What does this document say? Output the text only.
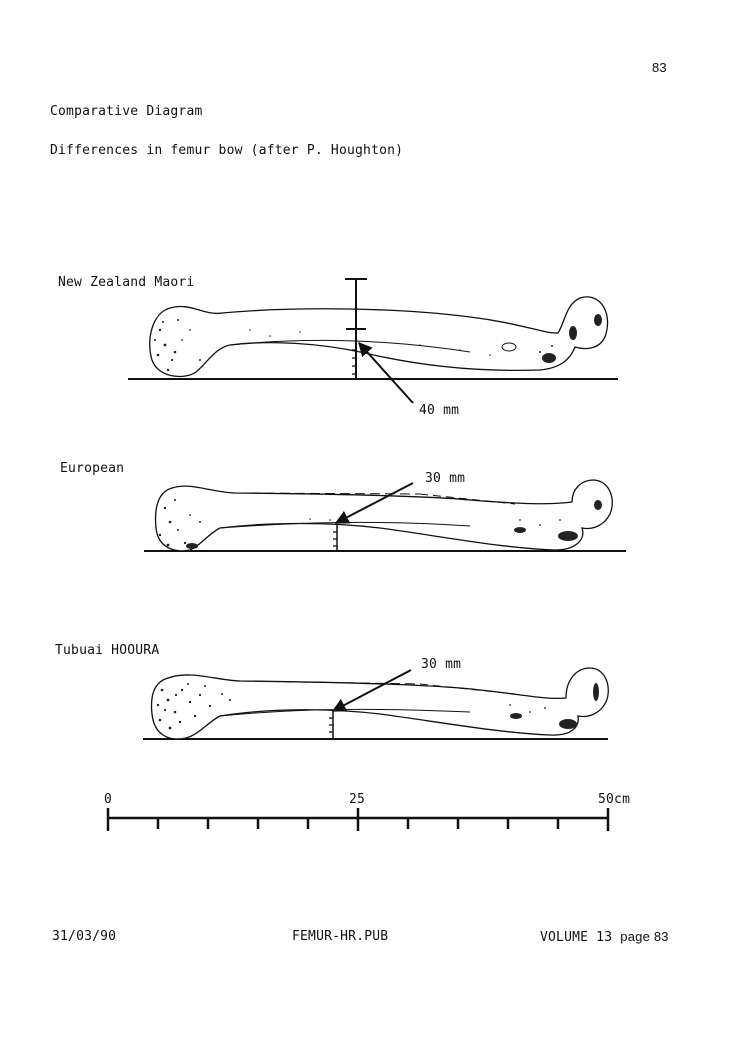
83
Comparative Diagram
Differences in femur bow (after P. Houghton)
New Zealand Maori
40 mm
European
30 mm
Tubuai HOOURA
30 mm
0	25	50cm
31/03/90	FEMUR-HR.PUB	VOLUME 13 page 83
